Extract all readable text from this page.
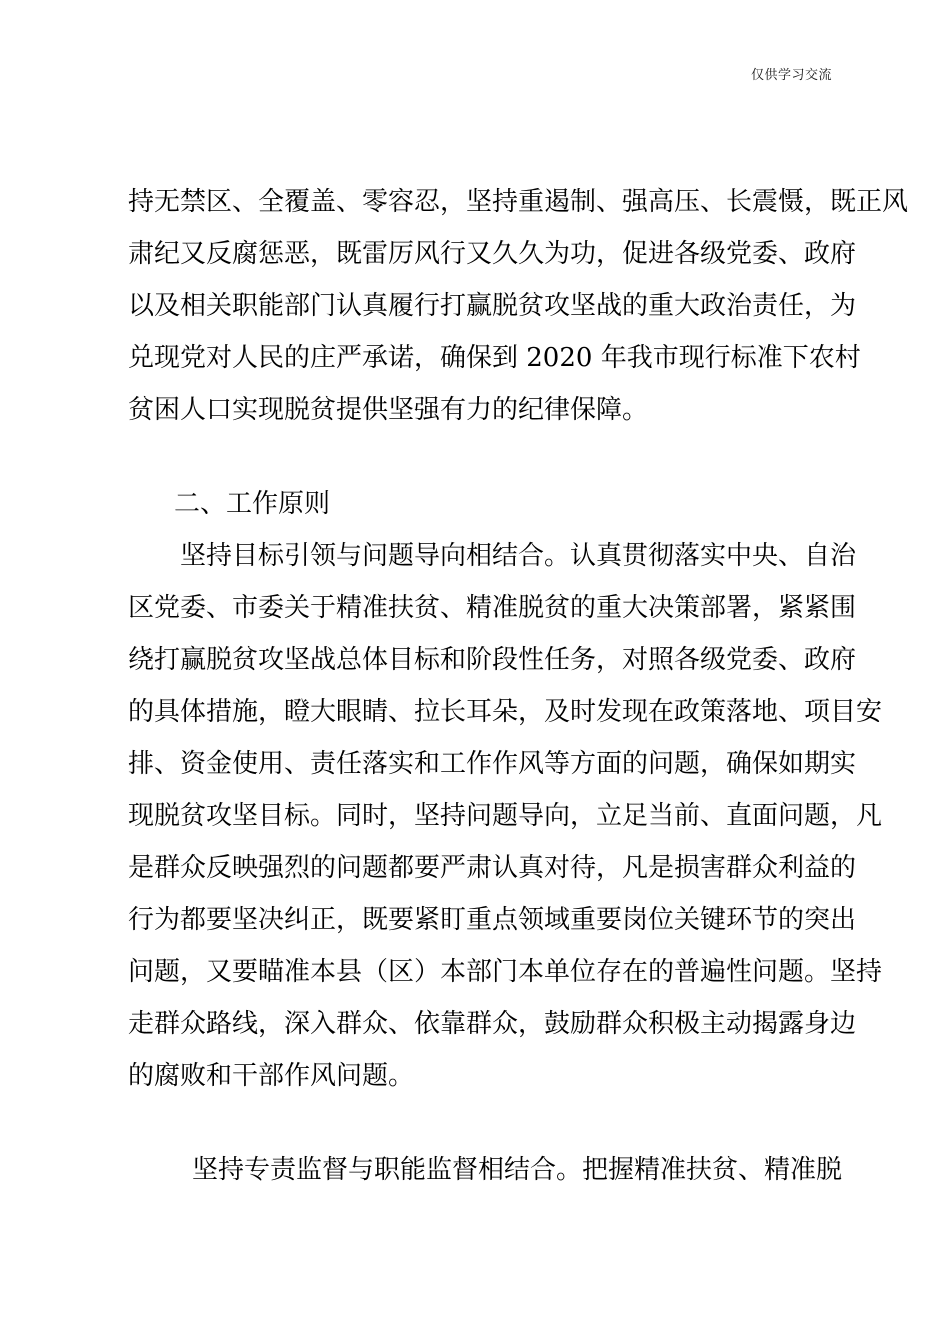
仅供学习交流
持无禁区、全覆盖、零容忍，坚持重遏制、强高压、长震慑，既正风
肃纪又反腐惩恶，既雷厉风行又久久为功，促进各级党委、政府
以及相关职能部门认真履行打赢脱贫攻坚战的重大政治责任，为
兑现党对人民的庄严承诺，确保到 2020 年我市现行标准下农村
贫困人口实现脱贫提供坚强有力的纪律保障。
二、工作原则
坚持目标引领与问题导向相结合。认真贯彻落实中央、自治
区党委、市委关于精准扶贫、精准脱贫的重大决策部署，紧紧围
绕打赢脱贫攻坚战总体目标和阶段性任务，对照各级党委、政府
的具体措施，瞪大眼睛、拉长耳朵，及时发现在政策落地、项目安
排、资金使用、责任落实和工作作风等方面的问题，确保如期实
现脱贫攻坚目标。同时，坚持问题导向，立足当前、直面问题，凡
是群众反映强烈的问题都要严肃认真对待，凡是损害群众利益的
行为都要坚决纠正，既要紧盯重点领域重要岗位关键环节的突出
问题，又要瞄准本县（区）本部门本单位存在的普遍性问题。坚持
走群众路线，深入群众、依靠群众，鼓励群众积极主动揭露身边
的腐败和干部作风问题。
坚持专责监督与职能监督相结合。把握精准扶贫、精准脱
